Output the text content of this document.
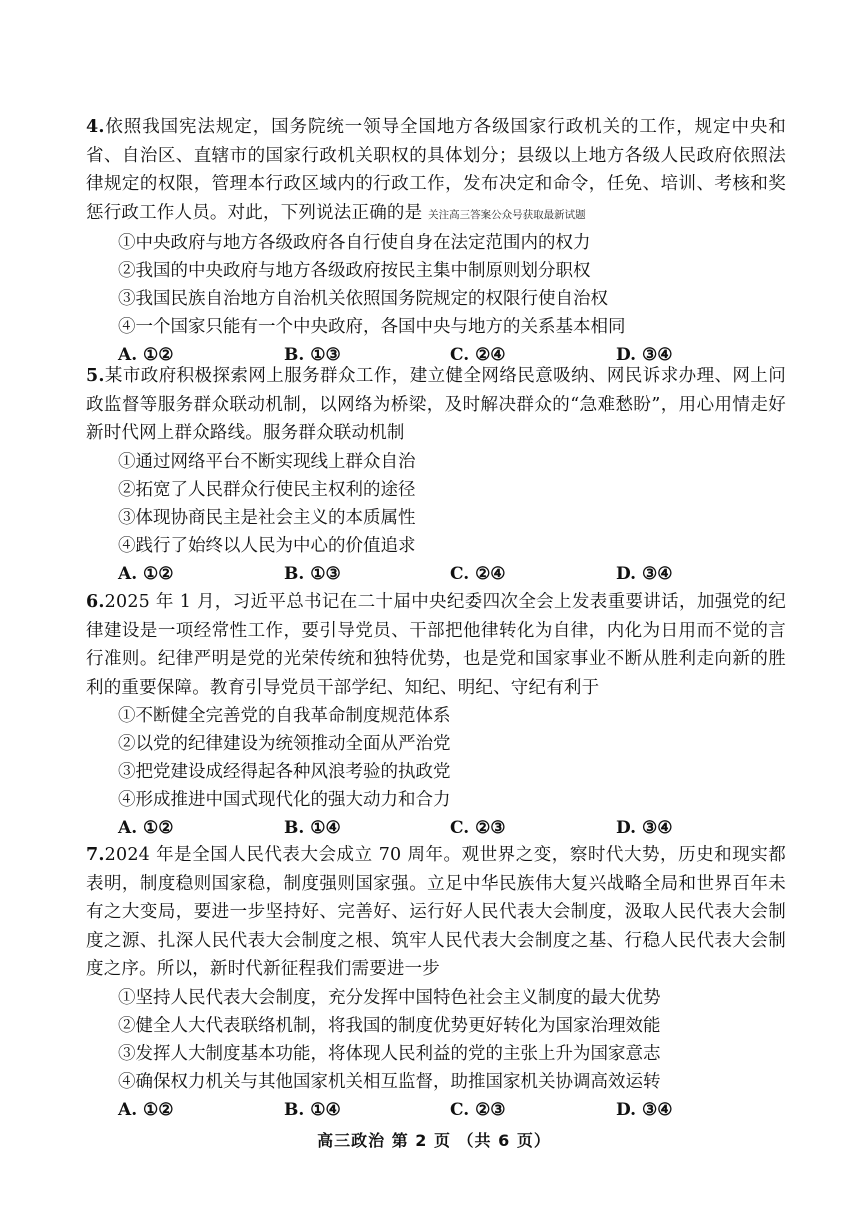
4.依照我国宪法规定，国务院统一领导全国地方各级国家行政机关的工作，规定中央和省、自治区、直辖市的国家行政机关职权的具体划分；县级以上地方各级人民政府依照法律规定的权限，管理本行政区域内的行政工作，发布决定和命令，任免、培训、考核和奖惩行政工作人员。对此，下列说法正确的是 关注高三答案公众号获取最新试题

①中央政府与地方各级政府各自行使自身在法定范围内的权力

②我国的中央政府与地方各级政府按民主集中制原则划分职权

③我国民族自治地方自治机关依照国务院规定的权限行使自治权

④一个国家只能有一个中央政府，各国中央与地方的关系基本相同

A. ①②	B. ①③	C. ②④	D. ③④

5.某市政府积极探索网上服务群众工作，建立健全网络民意吸纳、网民诉求办理、网上问政监督等服务群众联动机制，以网络为桥梁，及时解决群众的“急难愁盼”，用心用情走好新时代网上群众路线。服务群众联动机制

①通过网络平台不断实现线上群众自治

②拓宽了人民群众行使民主权利的途径

③体现协商民主是社会主义的本质属性

④践行了始终以人民为中心的价值追求

A. ①②	B. ①③	C. ②④	D. ③④

6.2025 年 1 月，习近平总书记在二十届中央纪委四次全会上发表重要讲话，加强党的纪律建设是一项经常性工作，要引导党员、干部把他律转化为自律，内化为日用而不觉的言行准则。纪律严明是党的光荣传统和独特优势，也是党和国家事业不断从胜利走向新的胜利的重要保障。教育引导党员干部学纪、知纪、明纪、守纪有利于

①不断健全完善党的自我革命制度规范体系

②以党的纪律建设为统领推动全面从严治党

③把党建设成经得起各种风浪考验的执政党

④形成推进中国式现代化的强大动力和合力

A. ①②	B. ①④	C. ②③	D. ③④

7.2024 年是全国人民代表大会成立 70 周年。观世界之变，察时代大势，历史和现实都表明，制度稳则国家稳，制度强则国家强。立足中华民族伟大复兴战略全局和世界百年未有之大变局，要进一步坚持好、完善好、运行好人民代表大会制度，汲取人民代表大会制度之源、扎深人民代表大会制度之根、筑牢人民代表大会制度之基、行稳人民代表大会制度之序。所以，新时代新征程我们需要进一步

①坚持人民代表大会制度，充分发挥中国特色社会主义制度的最大优势

②健全人大代表联络机制，将我国的制度优势更好转化为国家治理效能

③发挥人大制度基本功能，将体现人民利益的党的主张上升为国家意志

④确保权力机关与其他国家机关相互监督，助推国家机关协调高效运转

A. ①②	B. ①④	C. ②③	D. ③④
高三政治 第 2 页 （共 6 页）
